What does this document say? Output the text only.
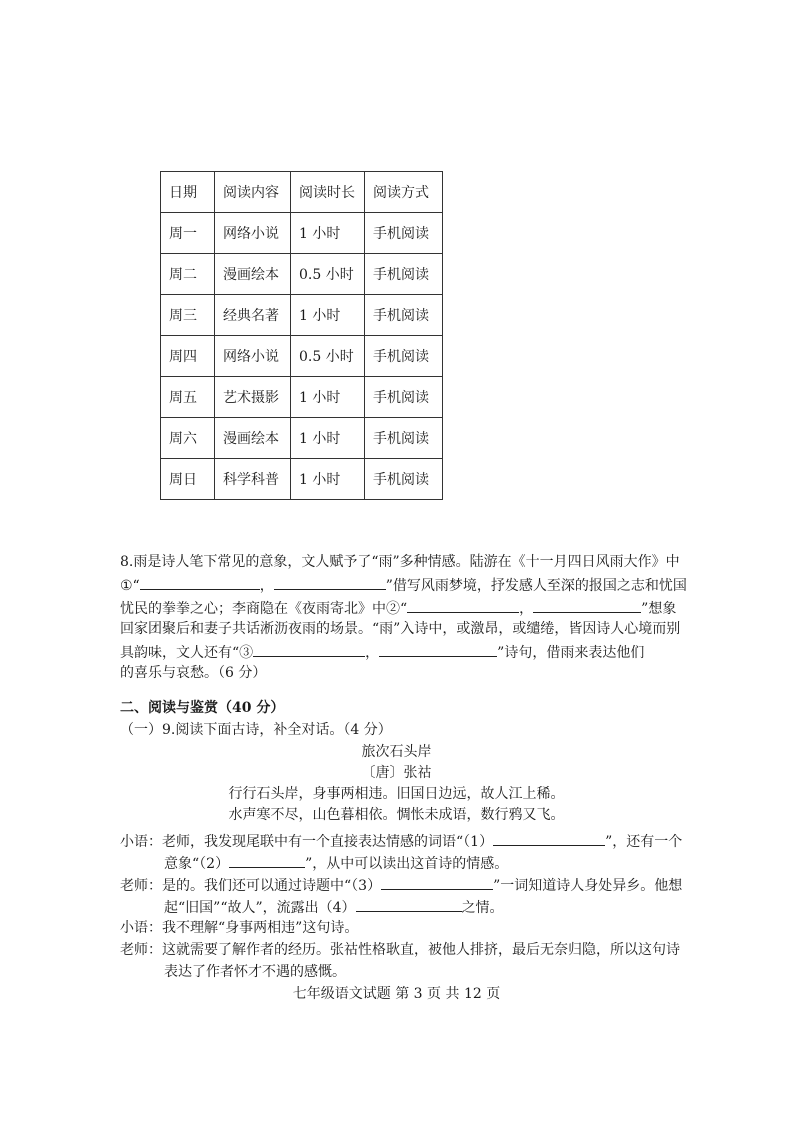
日期	阅读内容	阅读时长	阅读方式
周一	网络小说	1 小时	手机阅读
周二	漫画绘本	0.5 小时	手机阅读
周三	经典名著	1 小时	手机阅读
周四	网络小说	0.5 小时	手机阅读
周五	艺术摄影	1 小时	手机阅读
周六	漫画绘本	1 小时	手机阅读
周日	科学科普	1 小时	手机阅读
8.雨是诗人笔下常见的意象，文人赋予了“雨”多种情感。陆游在《十一月四日风雨大作》中
①“	，	”借写风雨梦境，抒发感人至深的报国之志和忧国
忧民的拳拳之心；李商隐在《夜雨寄北》中②“	，	”想象
回家团聚后和妻子共话淅沥夜雨的场景。“雨”入诗中，或激昂，或缱绻，皆因诗人心境而别
具韵味，文人还有“③	，	”诗句，借雨来表达他们
的喜乐与哀愁。（6 分）
二、阅读与鉴赏（40 分）
（一）9.阅读下面古诗，补全对话。（4 分）
旅次石头岸
〔唐〕张祜
行行石头岸，身事两相违。旧国日边远，故人江上稀。
水声寒不尽，山色暮相依。惆怅未成语，数行鸦又飞。
小语：老师，我发现尾联中有一个直接表达情感的词语“（1）	”，还有一个
意象“（2）	”，从中可以读出这首诗的情感。
老师：是的。我们还可以通过诗题中“（3）	”一词知道诗人身处异乡。他想
起“旧国”“故人”，流露出（4）	之情。
小语：我不理解“身事两相违”这句诗。
老师：这就需要了解作者的经历。张祜性格耿直，被他人排挤，最后无奈归隐，所以这句诗
表达了作者怀才不遇的感慨。
七年级语文试题 第 3 页 共 12 页
